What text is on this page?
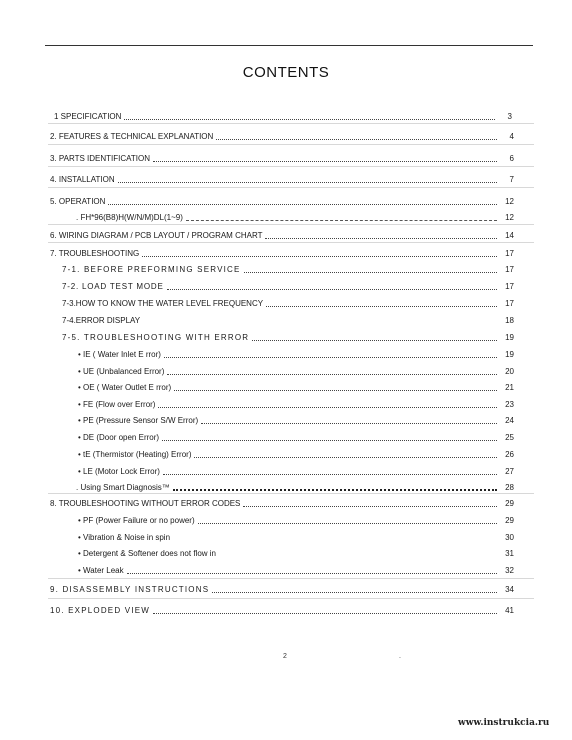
CONTENTS
1 SPECIFICATION	3
2. FEATURES & TECHNICAL EXPLANATION	4
3. PARTS IDENTIFICATION	6
4. INSTALLATION	7
5. OPERATION	12
. FH*96(B8)H(W/N/M)DL(1~9)	12
6. WIRING DIAGRAM / PCB LAYOUT / PROGRAM CHART	14
7. TROUBLESHOOTING	17
7-1. BEFORE PREFORMING SERVICE	17
7-2. LOAD TEST MODE	17
7-3.HOW TO KNOW THE WATER LEVEL FREQUENCY	17
7-4.ERROR DISPLAY	18
7-5. TROUBLESHOOTING WITH ERROR	19
• IE ( Water Inlet E rror)	19
• UE (Unbalanced Error)	20
• OE ( Water Outlet E rror)	21
• FE (Flow over Error)	23
• PE (Pressure Sensor S/W Error)	24
• DE (Door open Error)	25
• tE (Thermistor (Heating) Error)	26
• LE (Motor Lock Error)	27
. Using Smart Diagnosis™	28
8. TROUBLESHOOTING WITHOUT ERROR CODES	29
• PF (Power Failure or no power)	29
• Vibration & Noise in spin	30
• Detergent & Softener does not flow in	31
• Water Leak	32
9. DISASSEMBLY INSTRUCTIONS	34
10. EXPLODED VIEW	41
2	.
www.instrukcia.ru
